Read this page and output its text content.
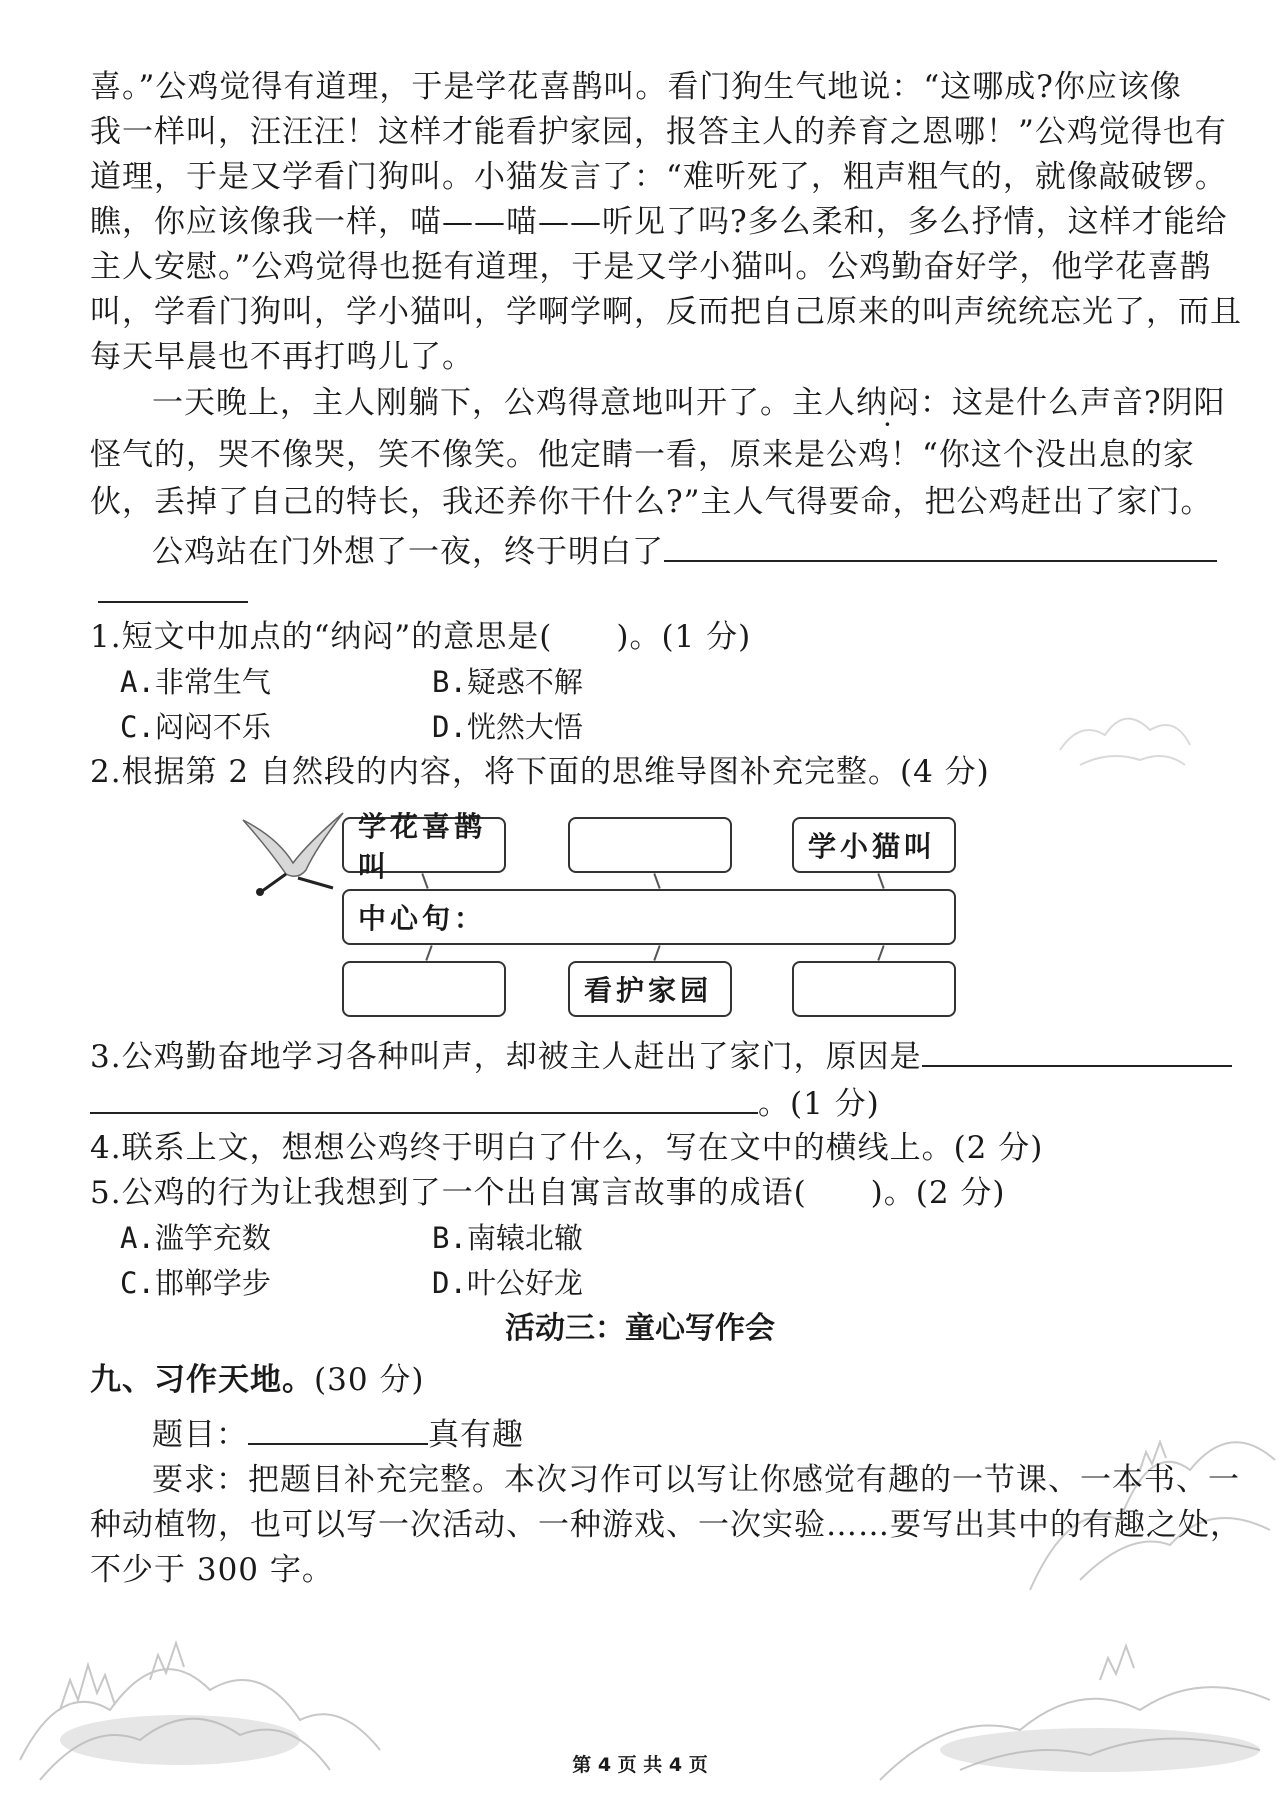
喜。”公鸡觉得有道理，于是学花喜鹊叫。看门狗生气地说：“这哪成?你应该像
我一样叫，汪汪汪！这样才能看护家园，报答主人的养育之恩哪！”公鸡觉得也有
道理，于是又学看门狗叫。小猫发言了：“难听死了，粗声粗气的，就像敲破锣。
瞧，你应该像我一样，喵——喵——听见了吗?多么柔和，多么抒情，这样才能给
主人安慰。”公鸡觉得也挺有道理，于是又学小猫叫。公鸡勤奋好学，他学花喜鹊
叫，学看门狗叫，学小猫叫，学啊学啊，反而把自己原来的叫声统统忘光了，而且
每天早晨也不再打鸣儿了。
一天晚上，主人刚躺下，公鸡得意地叫开了。主人纳闷：这是什么声音?阴阳
怪气的，哭不像哭，笑不像笑。他定睛一看，原来是公鸡！“你这个没出息的家
伙，丢掉了自己的特长，我还养你干什么?”主人气得要命，把公鸡赶出了家门。
公鸡站在门外想了一夜，终于明白了
1.短文中加点的“纳闷”的意思是(　　)。(1 分)
A.非常生气	B.疑惑不解
C.闷闷不乐	D.恍然大悟
2.根据第 2 自然段的内容，将下面的思维导图补充完整。(4 分)
学花喜鹊叫
学小猫叫
中心句：
看护家园
3.公鸡勤奋地学习各种叫声，却被主人赶出了家门，原因是
。(1 分)
4.联系上文，想想公鸡终于明白了什么，写在文中的横线上。(2 分)
5.公鸡的行为让我想到了一个出自寓言故事的成语(　　)。(2 分)
A.滥竽充数	B.南辕北辙
C.邯郸学步	D.叶公好龙
活动三：童心写作会
九、习作天地。(30 分)
题目：	真有趣
要求：把题目补充完整。本次习作可以写让你感觉有趣的一节课、一本书、一
种动植物，也可以写一次活动、一种游戏、一次实验……要写出其中的有趣之处，
不少于 300 字。
第 4 页 共 4 页
